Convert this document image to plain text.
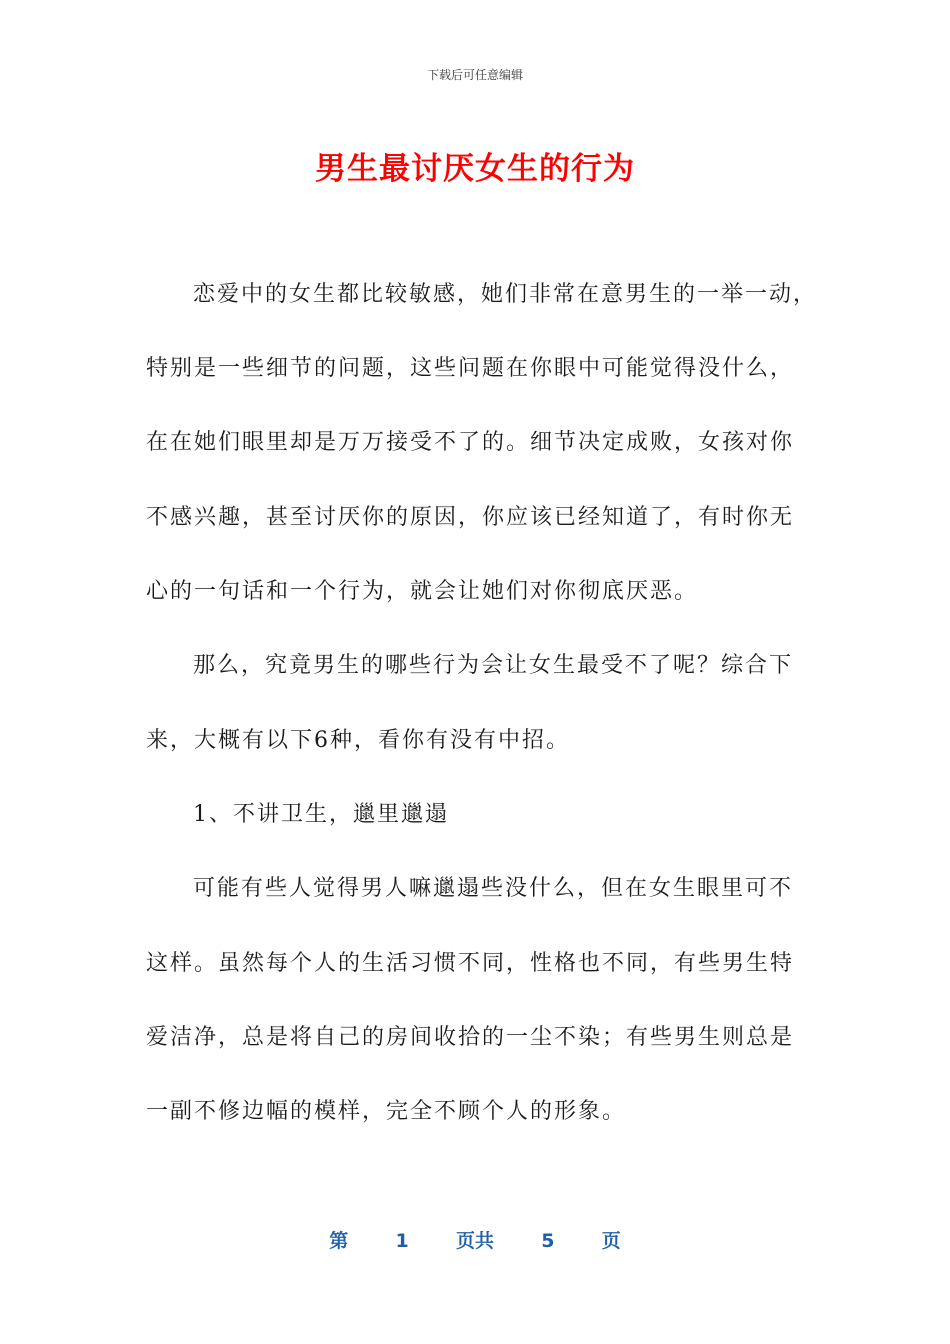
下载后可任意编辑
男生最讨厌女生的行为
恋爱中的女生都比较敏感，她们非常在意男生的一举一动，
特别是一些细节的问题，这些问题在你眼中可能觉得没什么，
在在她们眼里却是万万接受不了的。细节决定成败，女孩对你
不感兴趣，甚至讨厌你的原因，你应该已经知道了，有时你无
心的一句话和一个行为，就会让她们对你彻底厌恶。
那么，究竟男生的哪些行为会让女生最受不了呢？综合下
来，大概有以下6种，看你有没有中招。
1、不讲卫生，邋里邋遢
可能有些人觉得男人嘛邋遢些没什么，但在女生眼里可不
这样。虽然每个人的生活习惯不同，性格也不同，有些男生特
爱洁净，总是将自己的房间收拾的一尘不染；有些男生则总是
一副不修边幅的模样，完全不顾个人的形象。
第 1 页共 5 页
